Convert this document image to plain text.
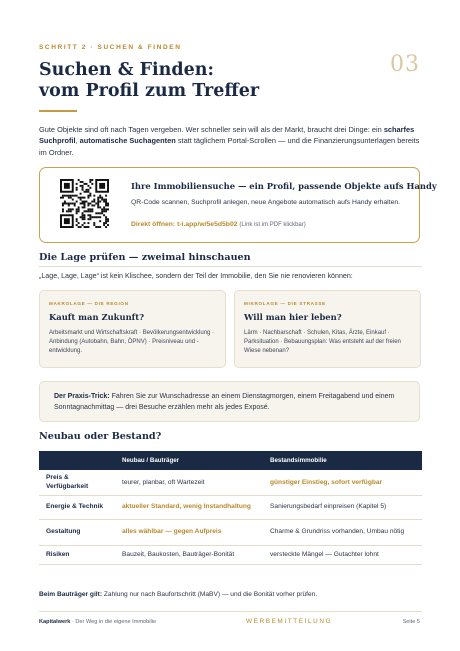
SCHRITT 2 · SUCHEN & FINDEN
03
Suchen & Finden:
vom Profil zum Treffer

Gute Objekte sind oft nach Tagen vergeben. Wer schneller sein will als der Markt, braucht drei Dinge: ein scharfes Suchprofil, automatische Suchagenten statt täglichem Portal-Scrollen — und die Finanzierungsunterlagen bereits im Ordner.

Ihre Immobiliensuche — ein Profil, passende Objekte aufs Handy
QR-Code scannen, Suchprofil anlegen, neue Angebote automatisch aufs Handy erhalten.
Direkt öffnen: t-i.app/w/5e5d5b02 (Link ist im PDF klickbar)
Die Lage prüfen — zweimal hinschauen
„Lage, Lage, Lage“ ist kein Klischee, sondern der Teil der Immobilie, den Sie nie renovieren können:
MAKROLAGE — DIE REGION
Kauft man Zukunft?
Arbeitsmarkt und Wirtschaftskraft · Bevölkerungsentwicklung · Anbindung (Autobahn, Bahn, ÖPNV) · Preisniveau und -entwicklung.
MIKROLAGE — DIE STRASSE
Will man hier leben?
Lärm · Nachbarschaft · Schulen, Kitas, Ärzte, Einkauf · Parksituation · Bebauungsplan: Was entsteht auf der freien Wiese nebenan?
Der Praxis-Trick: Fahren Sie zur Wunschadresse an einem Dienstagmorgen, einem Freitagabend und einem Sonntagnachmittag — drei Besuche erzählen mehr als jedes Exposé.
Neubau oder Bestand?
	Neubau / Bauträger	Bestandsimmobilie
Preis & Verfügbarkeit	teurer, planbar, oft Wartezeit	günstiger Einstieg, sofort verfügbar
Energie & Technik	aktueller Standard, wenig Instandhaltung	Sanierungsbedarf einpreisen (Kapitel 5)
Gestaltung	alles wählbar — gegen Aufpreis	Charme & Grundriss vorhanden, Umbau nötig
Risiken	Bauzeit, Baukosten, Bauträger-Bonität	versteckte Mängel — Gutachter lohnt
Beim Bauträger gilt: Zahlung nur nach Baufortschritt (MaBV) — und die Bonität vorher prüfen.
Kapitalwerk · Der Weg in die eigene Immobilie	WERBEMITTEILUNG	Seite 5
